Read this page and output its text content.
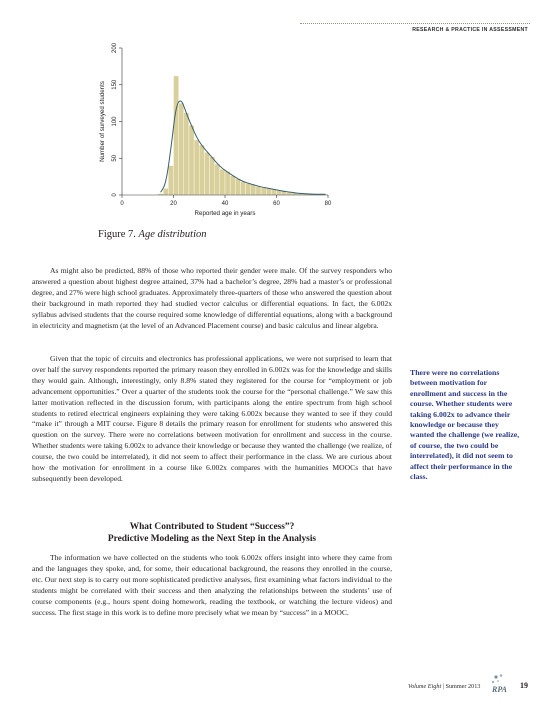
RESEARCH & PRACTICE IN ASSESSMENT
0	20	40	60	80
0
50
100
150
200
Reported age in years
Number of surveyed students
Figure 7. Age distribution

As might also be predicted, 88% of those who reported their gender were male. Of the survey responders who answered a question about highest degree attained, 37% had a bachelor’s degree, 28% had a master’s or professional degree, and 27% were high school graduates. Approximately three-quarters of those who answered the question about their background in math reported they had studied vector calculus or differential equations. In fact, the 6.002x syllabus advised students that the course required some knowledge of differential equations, along with a background in electricity and magnetism (at the level of an Advanced Placement course) and basic calculus and linear algebra.

Given that the topic of circuits and electronics has professional applications, we were not surprised to learn that over half the survey respondents reported the primary reason they enrolled in 6.002x was for the knowledge and skills they would gain. Although, interestingly, only 8.8% stated they registered for the course for “employment or job advancement opportunities.” Over a quarter of the students took the course for the “personal challenge.” We saw this latter motivation reflected in the discussion forum, with participants along the entire spectrum from high school students to retired electrical engineers explaining they were taking 6.002x because they wanted to see if they could “make it” through a MIT course. Figure 8 details the primary reason for enrollment for students who answered this question on the survey. There were no correlations between motivation for enrollment and success in the course. Whether students were taking 6.002x to advance their knowledge or because they wanted the challenge (we realize, of course, the two could be interrelated), it did not seem to affect their performance in the class. We are curious about how the motivation for enrollment in a course like 6.002x compares with the humanities MOOCs that have subsequently been developed.

What Contributed to Student “Success”?
Predictive Modeling as the Next Step in the Analysis

The information we have collected on the students who took 6.002x offers insight into where they came from and the languages they spoke, and, for some, their educational background, the reasons they enrolled in the course, etc. Our next step is to carry out more sophisticated predictive analyses, first examining what factors individual to the students might be correlated with their success and then analyzing the relationships between the students’ use of course components (e.g., hours spent doing homework, reading the textbook, or watching the lecture videos) and success. The first stage in this work is to define more precisely what we mean by “success” in a MOOC.

There were no correlations between motivation for enrollment and success in the course. Whether students were taking 6.002x to advance their knowledge or because they wanted the challenge (we realize, of course, the two could be interrelated), it did not seem to affect their performance in the class.
Volume Eight | Summer 2013 RPA 19
